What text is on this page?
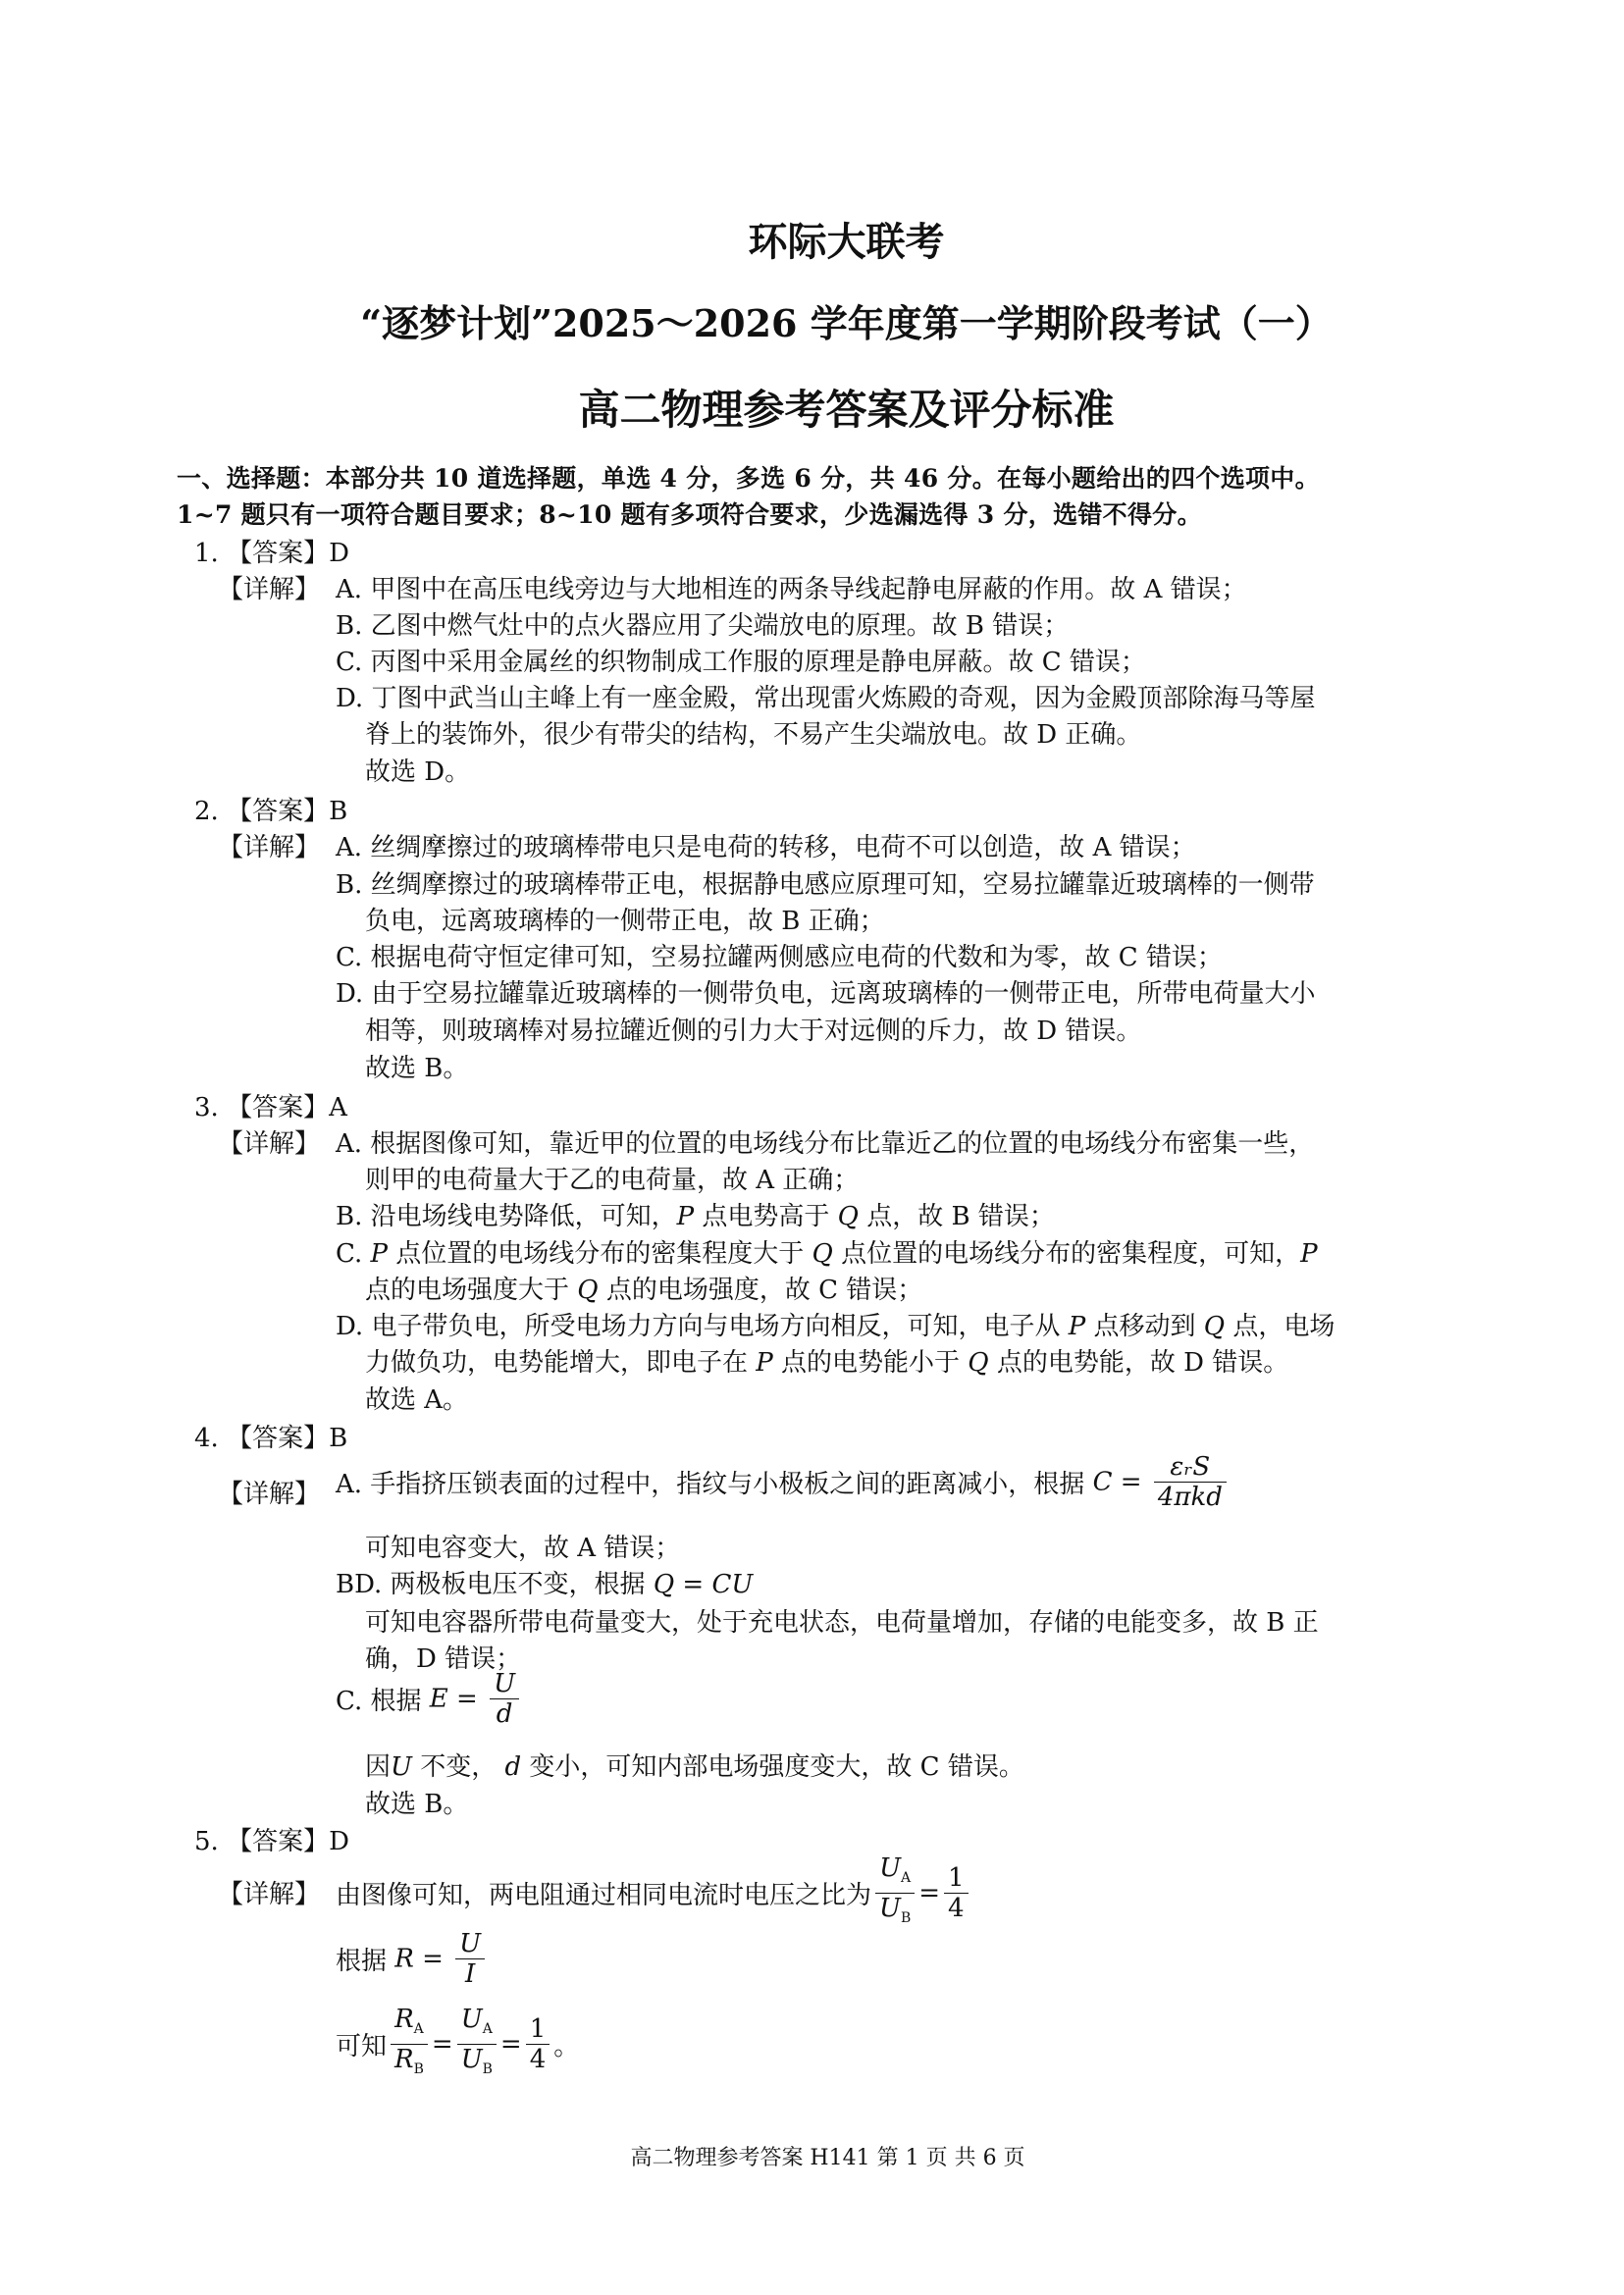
环际大联考
“逐梦计划”2025～2026 学年度第一学期阶段考试（一）
高二物理参考答案及评分标准
一、选择题：本部分共 10 道选择题，单选 4 分，多选 6 分，共 46 分。在每小题给出的四个选项中。
1~7 题只有一项符合题目要求；8~10 题有多项符合要求，少选漏选得 3 分，选错不得分。
1. 【答案】D
【详解】 A. 甲图中在高压电线旁边与大地相连的两条导线起静电屏蔽的作用。故 A 错误；
B. 乙图中燃气灶中的点火器应用了尖端放电的原理。故 B 错误；
C. 丙图中采用金属丝的织物制成工作服的原理是静电屏蔽。故 C 错误；
D. 丁图中武当山主峰上有一座金殿，常出现雷火炼殿的奇观，因为金殿顶部除海马等屋
脊上的装饰外，很少有带尖的结构，不易产生尖端放电。故 D 正确。
故选 D。
2. 【答案】B
【详解】 A. 丝绸摩擦过的玻璃棒带电只是电荷的转移，电荷不可以创造，故 A 错误；
B. 丝绸摩擦过的玻璃棒带正电，根据静电感应原理可知，空易拉罐靠近玻璃棒的一侧带
负电，远离玻璃棒的一侧带正电，故 B 正确；
C. 根据电荷守恒定律可知，空易拉罐两侧感应电荷的代数和为零，故 C 错误；
D. 由于空易拉罐靠近玻璃棒的一侧带负电，远离玻璃棒的一侧带正电，所带电荷量大小
相等，则玻璃棒对易拉罐近侧的引力大于对远侧的斥力，故 D 错误。
故选 B。
3. 【答案】A
【详解】 A. 根据图像可知，靠近甲的位置的电场线分布比靠近乙的位置的电场线分布密集一些，
则甲的电荷量大于乙的电荷量，故 A 正确；
B. 沿电场线电势降低，可知，P 点电势高于 Q 点，故 B 错误；
C. P 点位置的电场线分布的密集程度大于 Q 点位置的电场线分布的密集程度，可知，P
点的电场强度大于 Q 点的电场强度，故 C 错误；
D. 电子带负电，所受电场力方向与电场方向相反，可知，电子从 P 点移动到 Q 点，电场
力做负功，电势能增大，即电子在 P 点的电势能小于 Q 点的电势能，故 D 错误。
故选 A。
4. 【答案】B
【详解】 A. 手指挤压锁表面的过程中，指纹与小极板之间的距离减小，根据 $C = \frac{\text{εᵣS}}{\text{4πkd}}$
可知电容变大，故 A 错误；
BD. 两极板电压不变，根据 Q = CU
可知电容器所带电荷量变大，处于充电状态，电荷量增加，存储的电能变多，故 B 正
确，D 错误；
C. 根据 $E = \frac{U}{d}$
因U 不变， d 变小，可知内部电场强度变大，故 C 错误。
故选 B。
5. 【答案】D
【详解】 由图像可知，两电阻通过相同电流时电压之比为 $\frac{U_A}{U_B} = \frac{1}{4}$
根据 $R = \frac{U}{I}$
可知 $\frac{R_A}{R_B} = \frac{U_A}{U_B} = \frac{1}{4}$ 。
高二物理参考答案 H141 第 1 页 共 6 页
